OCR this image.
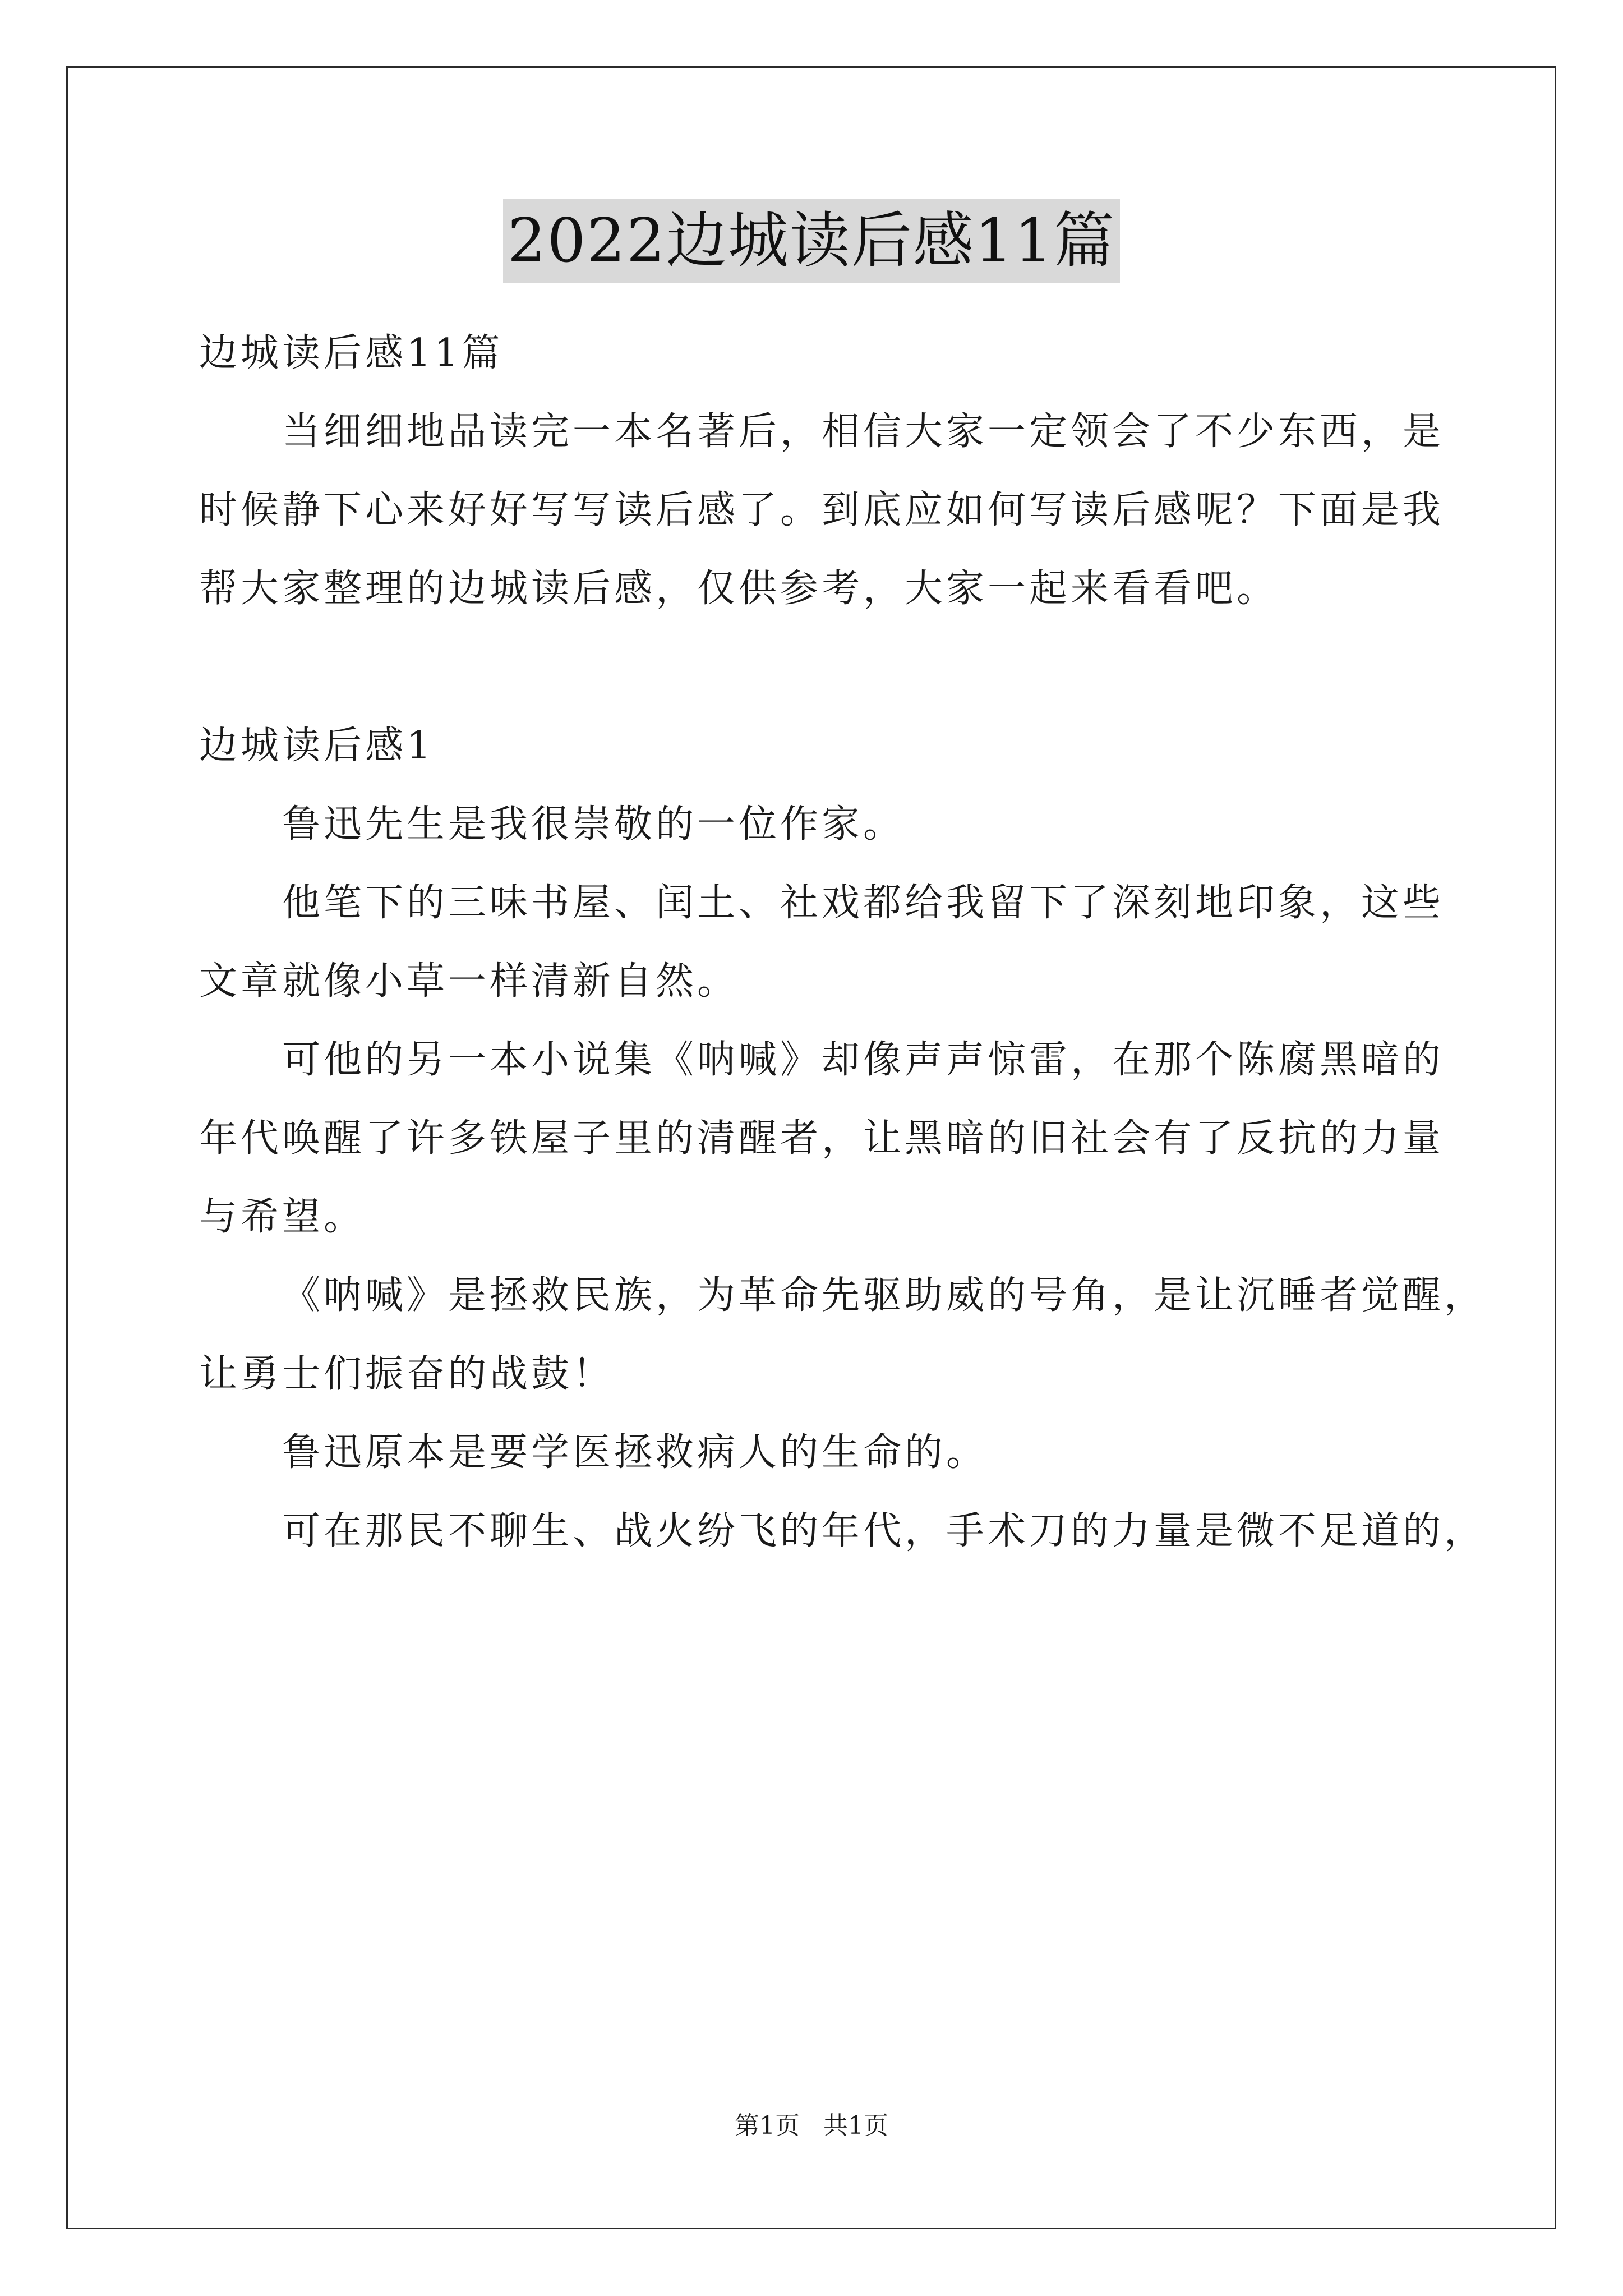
2022边城读后感11篇
边城读后感11篇
当细细地品读完一本名著后，相信大家一定领会了不少东西，是
时候静下心来好好写写读后感了。到底应如何写读后感呢？下面是我
帮大家整理的边城读后感，仅供参考，大家一起来看看吧。
边城读后感1
鲁迅先生是我很崇敬的一位作家。
他笔下的三味书屋、闰土、社戏都给我留下了深刻地印象，这些
文章就像小草一样清新自然。
可他的另一本小说集《呐喊》却像声声惊雷，在那个陈腐黑暗的
年代唤醒了许多铁屋子里的清醒者，让黑暗的旧社会有了反抗的力量
与希望。
《呐喊》是拯救民族，为革命先驱助威的号角，是让沉睡者觉醒，
让勇士们振奋的战鼓！
鲁迅原本是要学医拯救病人的生命的。
可在那民不聊生、战火纷飞的年代，手术刀的力量是微不足道的，
第1页 共1页
